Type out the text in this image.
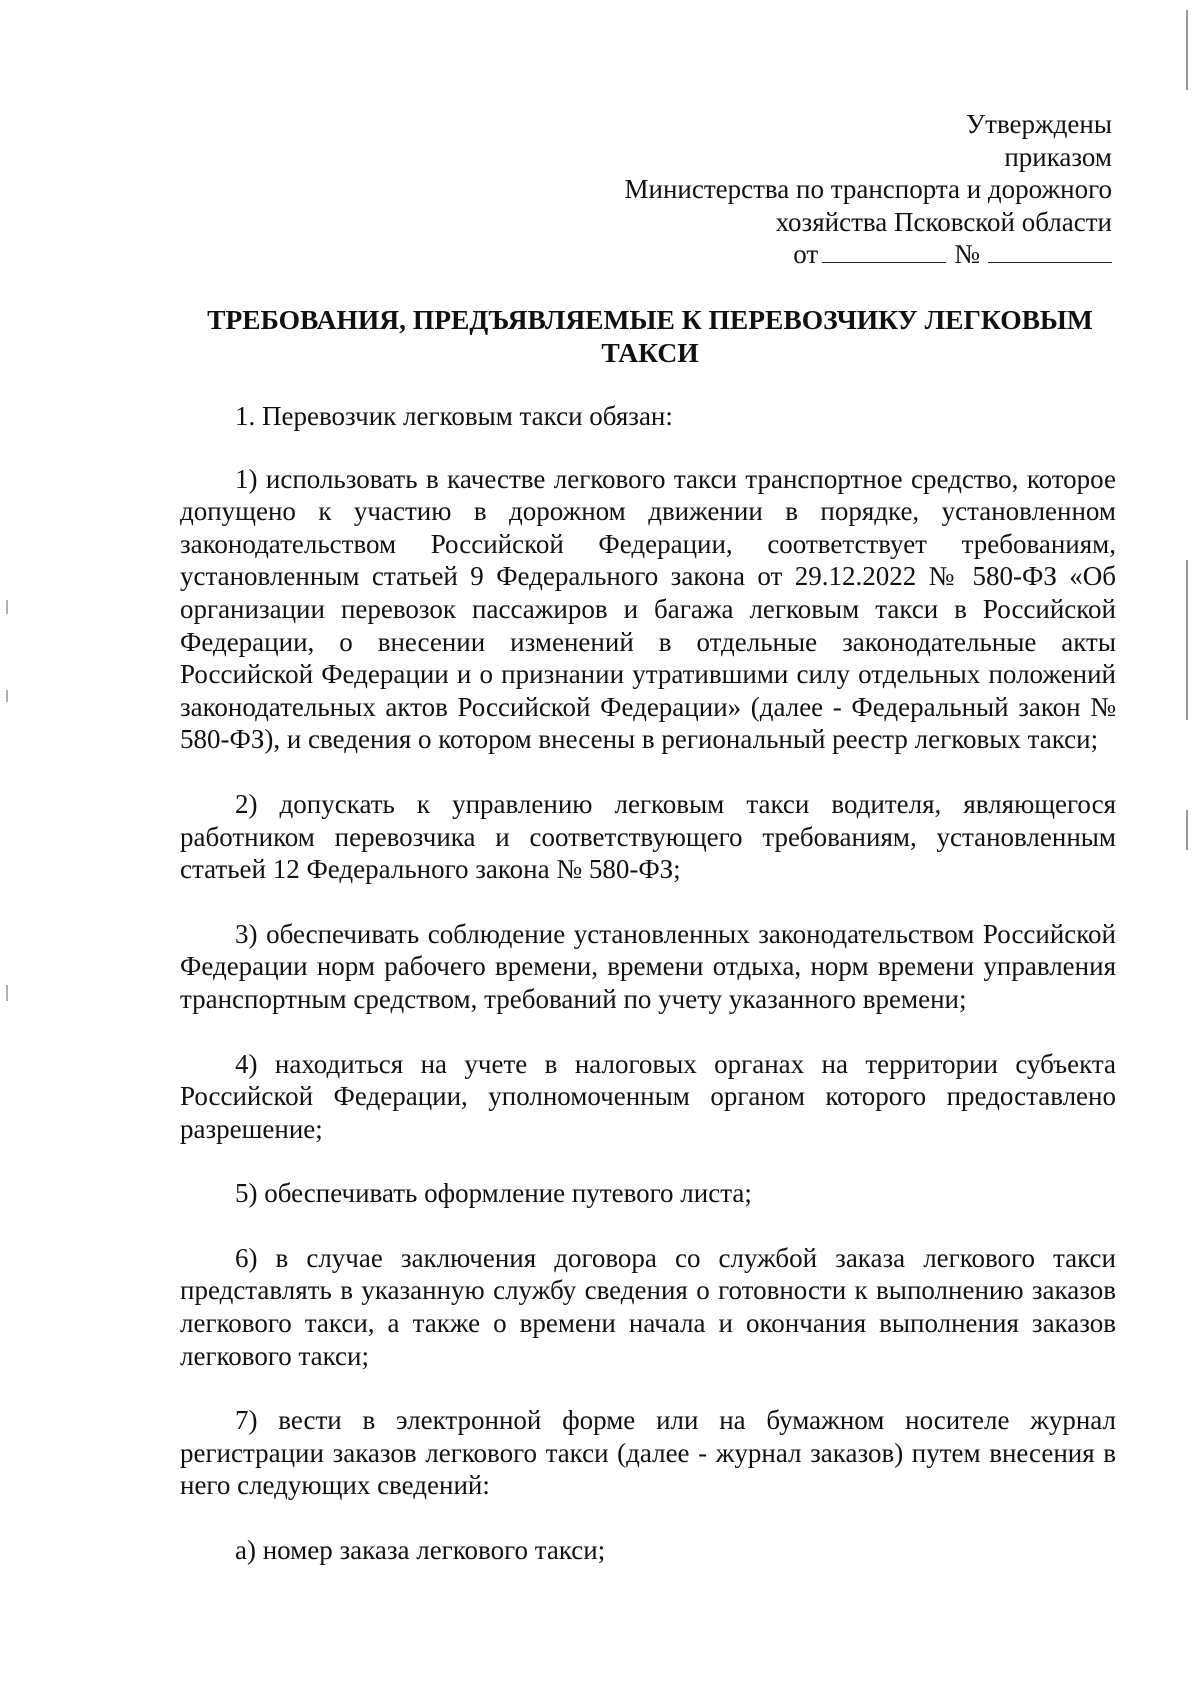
Утверждены
приказом
Министерства по транспорта и дорожного
хозяйства Псковской области
от	№
ТРЕБОВАНИЯ, ПРЕДЪЯВЛЯЕМЫЕ К ПЕРЕВОЗЧИКУ ЛЕГКОВЫМ ТАКСИ

1. Перевозчик легковым такси обязан:

1) использовать в качестве легкового такси транспортное средство, которое допущено к участию в дорожном движении в порядке, установленном законодательством Российской Федерации, соответствует требованиям, установленным статьей 9 Федерального закона от 29.12.2022 № 580-ФЗ «Об организации перевозок пассажиров и багажа легковым такси в Российской Федерации, о внесении изменений в отдельные законодательные акты Российской Федерации и о признании утратившими силу отдельных положений законодательных актов Российской Федерации» (далее - Федеральный закон № 580-ФЗ), и сведения о котором внесены в региональный реестр легковых такси;

2) допускать к управлению легковым такси водителя, являющегося работником перевозчика и соответствующего требованиям, установленным статьей 12 Федерального закона № 580-ФЗ;

3) обеспечивать соблюдение установленных законодательством Российской Федерации норм рабочего времени, времени отдыха, норм времени управления транспортным средством, требований по учету указанного времени;

4) находиться на учете в налоговых органах на территории субъекта Российской Федерации, уполномоченным органом которого предоставлено разрешение;

5) обеспечивать оформление путевого листа;

6) в случае заключения договора со службой заказа легкового такси представлять в указанную службу сведения о готовности к выполнению заказов легкового такси, а также о времени начала и окончания выполнения заказов легкового такси;

7) вести в электронной форме или на бумажном носителе журнал регистрации заказов легкового такси (далее - журнал заказов) путем внесения в него следующих сведений:

а) номер заказа легкового такси;
